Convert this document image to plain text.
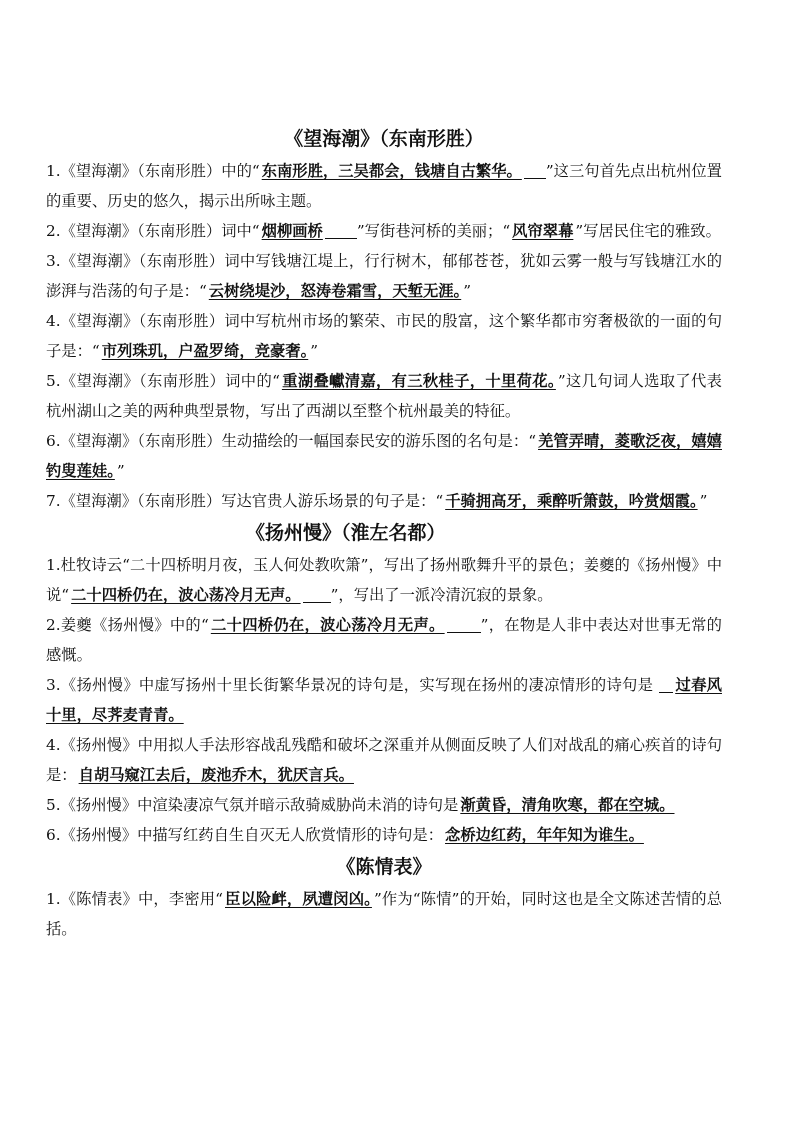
《望海潮》（东南形胜）

1.《望海潮》（东南形胜）中的“ 东南形胜，三吴都会，钱塘自古繁华。 ”这三句首先点出杭州位置的重要、历史的悠久，揭示出所咏主题。

2.《望海潮》（东南形胜）词中“ 烟柳画桥 ”写街巷河桥的美丽；“ 风帘翠幕 ”写居民住宅的雅致。

3.《望海潮》（东南形胜）词中写钱塘江堤上，行行树木，郁郁苍苍，犹如云雾一般与写钱塘江水的澎湃与浩荡的句子是：“ 云树绕堤沙，怒涛卷霜雪，天堑无涯。 ”

4.《望海潮》（东南形胜）词中写杭州市场的繁荣、市民的殷富，这个繁华都市穷奢极欲的一面的句子是：“ 市列珠玑，户盈罗绮，竞豪奢。 ”

5.《望海潮》（东南形胜）词中的“ 重湖叠巘清嘉，有三秋桂子，十里荷花。 ”这几句词人选取了代表杭州湖山之美的两种典型景物，写出了西湖以至整个杭州最美的特征。

6.《望海潮》（东南形胜）生动描绘的一幅国泰民安的游乐图的名句是：“ 羌管弄晴，菱歌泛夜，嬉嬉钓叟莲娃。 ”

7.《望海潮》（东南形胜）写达官贵人游乐场景的句子是：“ 千骑拥高牙，乘醉听箫鼓，吟赏烟霞。 ”

《扬州慢》（淮左名都）

1.杜牧诗云“二十四桥明月夜，玉人何处教吹箫”，写出了扬州歌舞升平的景色；姜夔的《扬州慢》中说“ 二十四桥仍在，波心荡冷月无声。 ”，写出了一派冷清沉寂的景象。

2.姜夔《扬州慢》中的“ 二十四桥仍在，波心荡冷月无声。 ”，在物是人非中表达对世事无常的感慨。

3.《扬州慢》中虚写扬州十里长街繁华景况的诗句是，实写现在扬州的凄凉情形的诗句是 过春风十里，尽荠麦青青。

4.《扬州慢》中用拟人手法形容战乱残酷和破坏之深重并从侧面反映了人们对战乱的痛心疾首的诗句是： 自胡马窥江去后，废池乔木，犹厌言兵。

5.《扬州慢》中渲染凄凉气氛并暗示敌骑威胁尚未消的诗句是 渐黄昏，清角吹寒，都在空城。

6.《扬州慢》中描写红药自生自灭无人欣赏情形的诗句是： 念桥边红药，年年知为谁生。

《陈情表》

1.《陈情表》中，李密用“ 臣以险衅，夙遭闵凶。 ”作为“陈情”的开始，同时这也是全文陈述苦情的总括。
